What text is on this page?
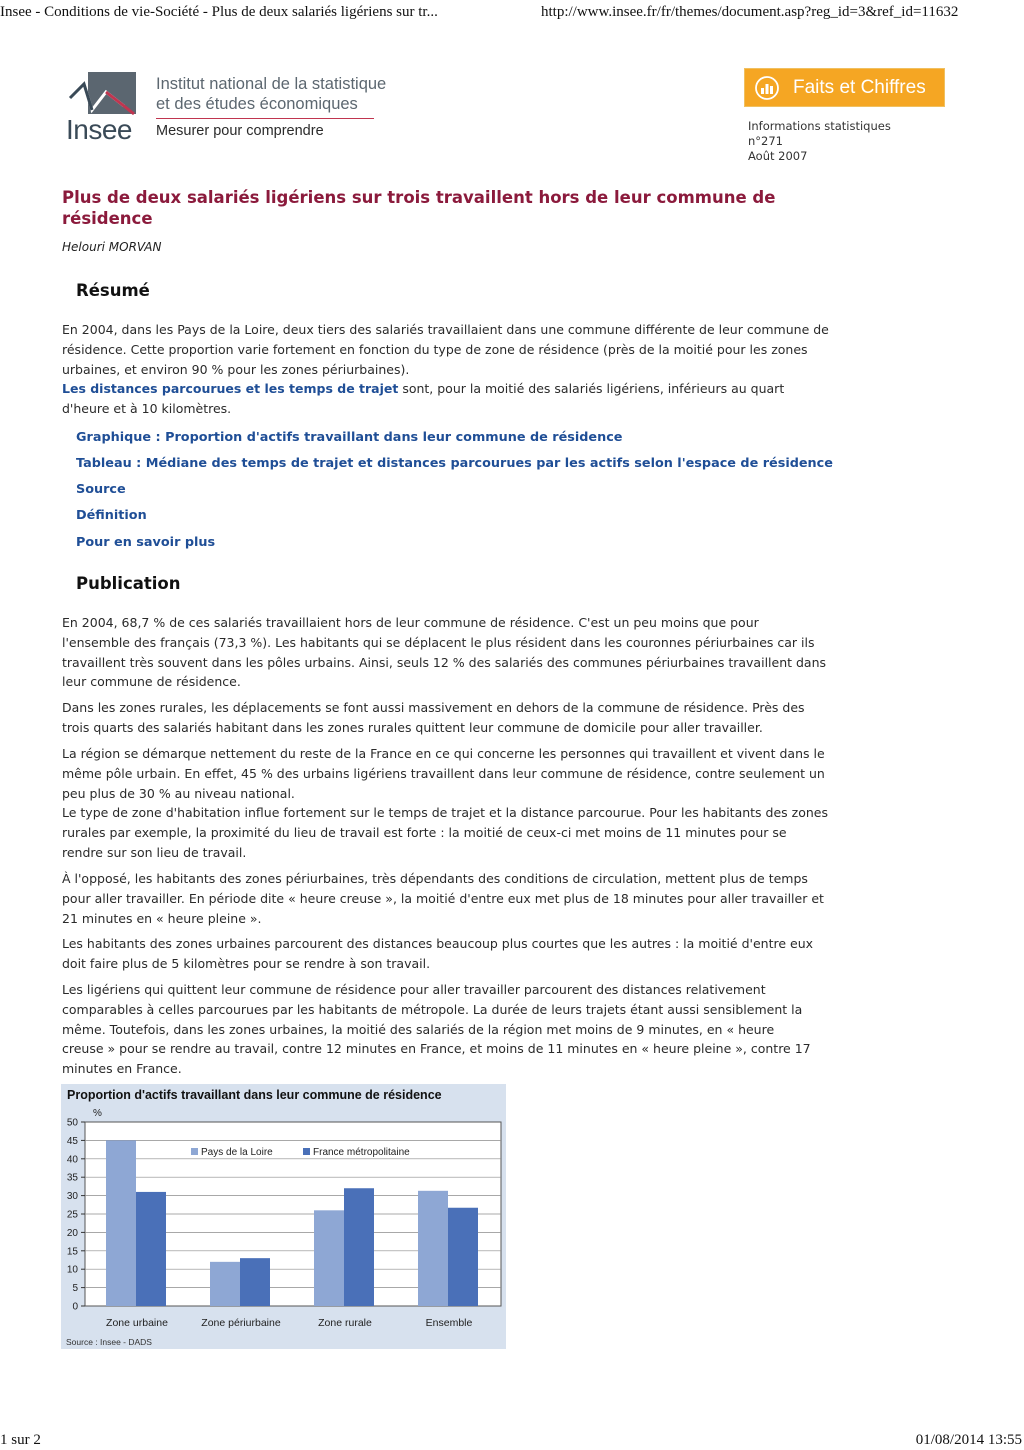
Insee - Conditions de vie-Société - Plus de deux salariés ligériens sur tr...	http://www.insee.fr/fr/themes/document.asp?reg_id=3&ref_id=11632
Insee
Institut national de la statistique
et des études économiques
Mesurer pour comprendre
Faits et Chiffres
Informations statistiques
n°271
Août 2007
Plus de deux salariés ligériens sur trois travaillent hors de leur commune de résidence
Helouri MORVAN
Résumé
En 2004, dans les Pays de la Loire, deux tiers des salariés travaillaient dans une commune différente de leur commune de
résidence. Cette proportion varie fortement en fonction du type de zone de résidence (près de la moitié pour les zones
urbaines, et environ 90 % pour les zones périurbaines).
Les distances parcourues et les temps de trajet sont, pour la moitié des salariés ligériens, inférieurs au quart
d'heure et à 10 kilomètres.
Graphique : Proportion d'actifs travaillant dans leur commune de résidence
Tableau : Médiane des temps de trajet et distances parcourues par les actifs selon l'espace de résidence
Source
Définition
Pour en savoir plus
Publication
En 2004, 68,7 % de ces salariés travaillaient hors de leur commune de résidence. C'est un peu moins que pour
l'ensemble des français (73,3 %). Les habitants qui se déplacent le plus résident dans les couronnes périurbaines car ils
travaillent très souvent dans les pôles urbains. Ainsi, seuls 12 % des salariés des communes périurbaines travaillent dans
leur commune de résidence.
Dans les zones rurales, les déplacements se font aussi massivement en dehors de la commune de résidence. Près des
trois quarts des salariés habitant dans les zones rurales quittent leur commune de domicile pour aller travailler.
La région se démarque nettement du reste de la France en ce qui concerne les personnes qui travaillent et vivent dans le
même pôle urbain. En effet, 45 % des urbains ligériens travaillent dans leur commune de résidence, contre seulement un
peu plus de 30 % au niveau national.
Le type de zone d'habitation influe fortement sur le temps de trajet et la distance parcourue. Pour les habitants des zones
rurales par exemple, la proximité du lieu de travail est forte : la moitié de ceux-ci met moins de 11 minutes pour se
rendre sur son lieu de travail.
À l'opposé, les habitants des zones périurbaines, très dépendants des conditions de circulation, mettent plus de temps
pour aller travailler. En période dite « heure creuse », la moitié d'entre eux met plus de 18 minutes pour aller travailler et
21 minutes en « heure pleine ».
Les habitants des zones urbaines parcourent des distances beaucoup plus courtes que les autres : la moitié d'entre eux
doit faire plus de 5 kilomètres pour se rendre à son travail.
Les ligériens qui quittent leur commune de résidence pour aller travailler parcourent des distances relativement
comparables à celles parcourues par les habitants de métropole. La durée de leurs trajets étant aussi sensiblement la
même. Toutefois, dans les zones urbaines, la moitié des salariés de la région met moins de 9 minutes, en « heure
creuse » pour se rendre au travail, contre 12 minutes en France, et moins de 11 minutes en « heure pleine », contre 17
minutes en France.
Proportion d'actifs travaillant dans leur commune de résidence
0
5
10
15
20
25
30
35
40
45
50
%
Zone urbaine	Zone périurbaine	Zone rurale	Ensemble
Pays de la Loire	France métropolitaine
Source : Insee - DADS
1 sur 2	01/08/2014 13:55
